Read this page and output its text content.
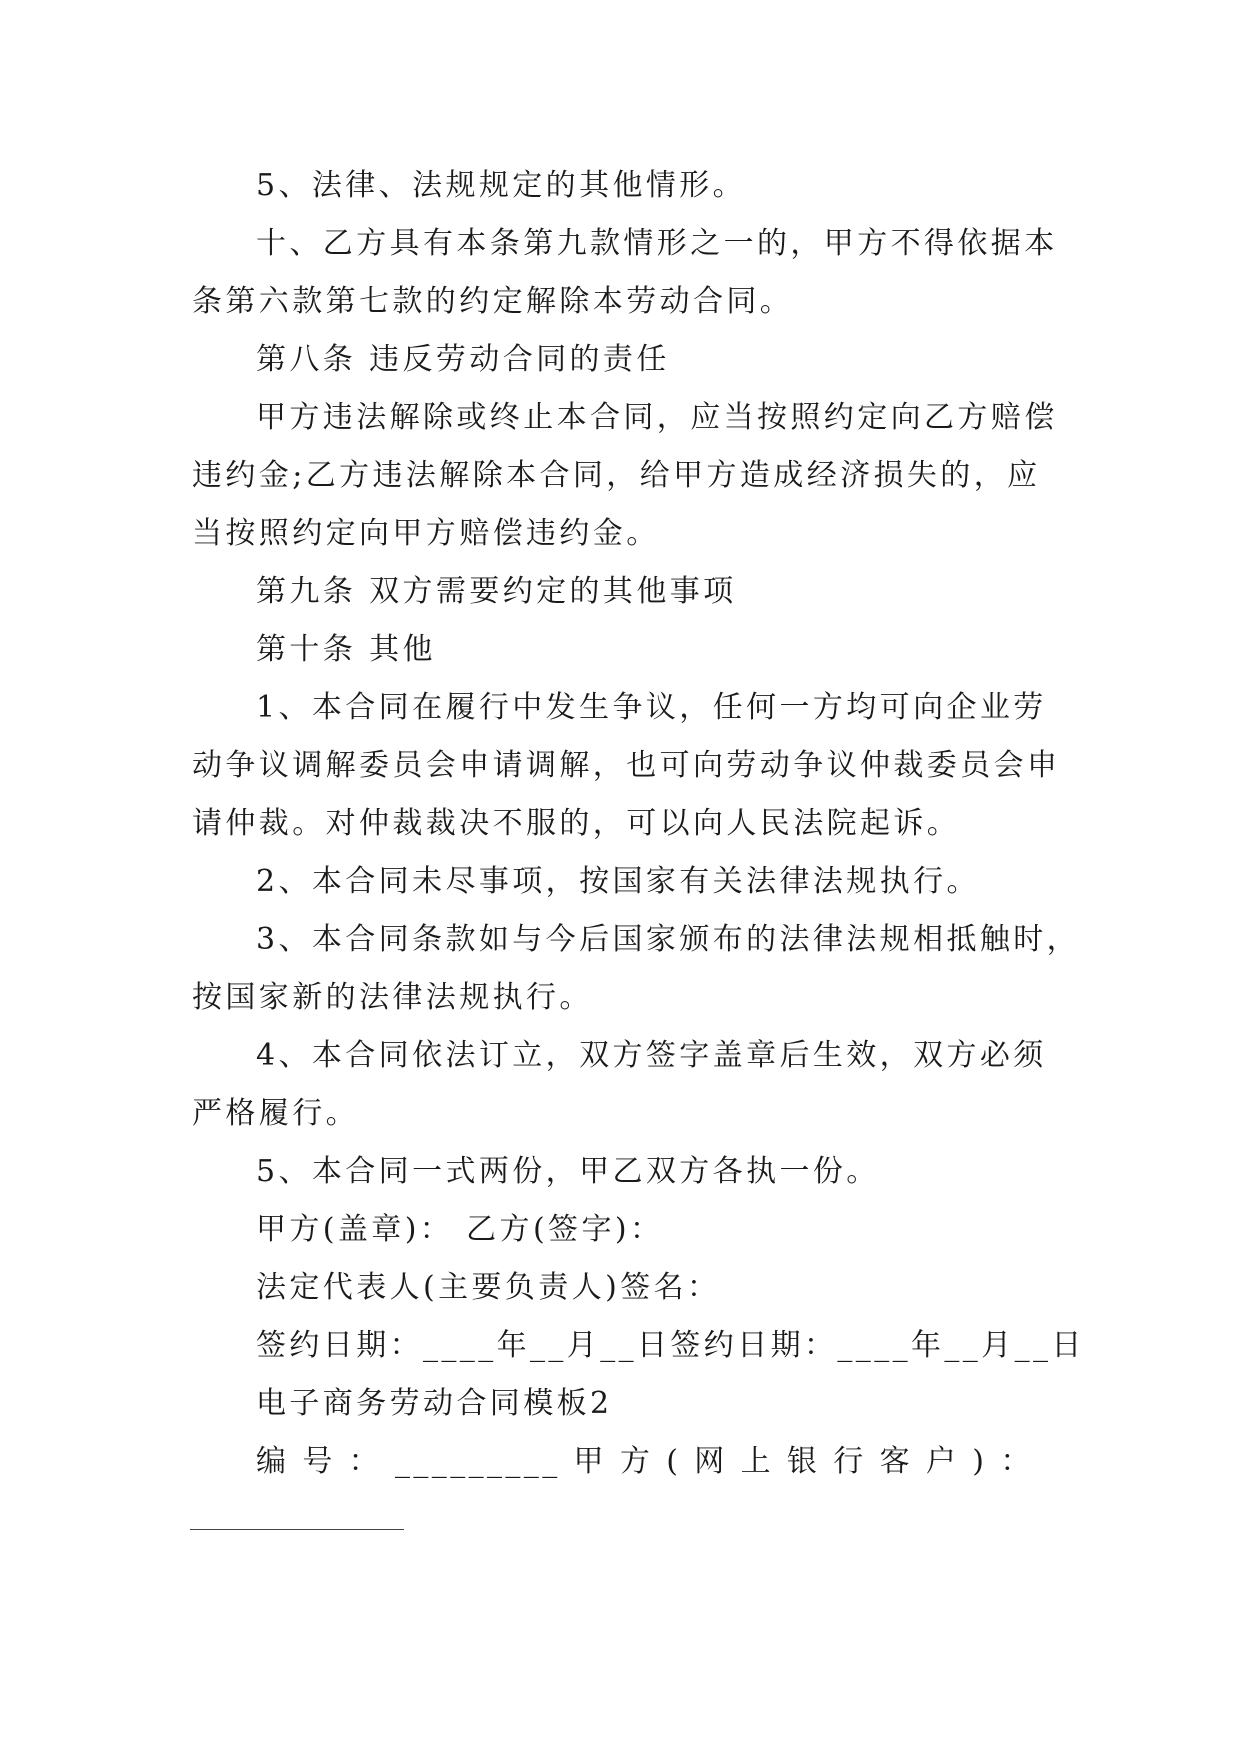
5、法律、法规规定的其他情形。
十、乙方具有本条第九款情形之一的，甲方不得依据本
条第六款第七款的约定解除本劳动合同。
第八条 违反劳动合同的责任
甲方违法解除或终止本合同，应当按照约定向乙方赔偿
违约金;乙方违法解除本合同，给甲方造成经济损失的，应
当按照约定向甲方赔偿违约金。
第九条 双方需要约定的其他事项
第十条 其他
1、本合同在履行中发生争议，任何一方均可向企业劳
动争议调解委员会申请调解，也可向劳动争议仲裁委员会申
请仲裁。对仲裁裁决不服的，可以向人民法院起诉。
2、本合同未尽事项，按国家有关法律法规执行。
3、本合同条款如与今后国家颁布的法律法规相抵触时，
按国家新的法律法规执行。
4、本合同依法订立，双方签字盖章后生效，双方必须
严格履行。
5、本合同一式两份，甲乙双方各执一份。
甲方(盖章)： 乙方(签字)：
法定代表人(主要负责人)签名：
签约日期：____年__月__日签约日期：____年__月__日
电子商务劳动合同模板2
编 号 ： _________ 甲 方 ( 网 上 银 行 客 户 ) ：
